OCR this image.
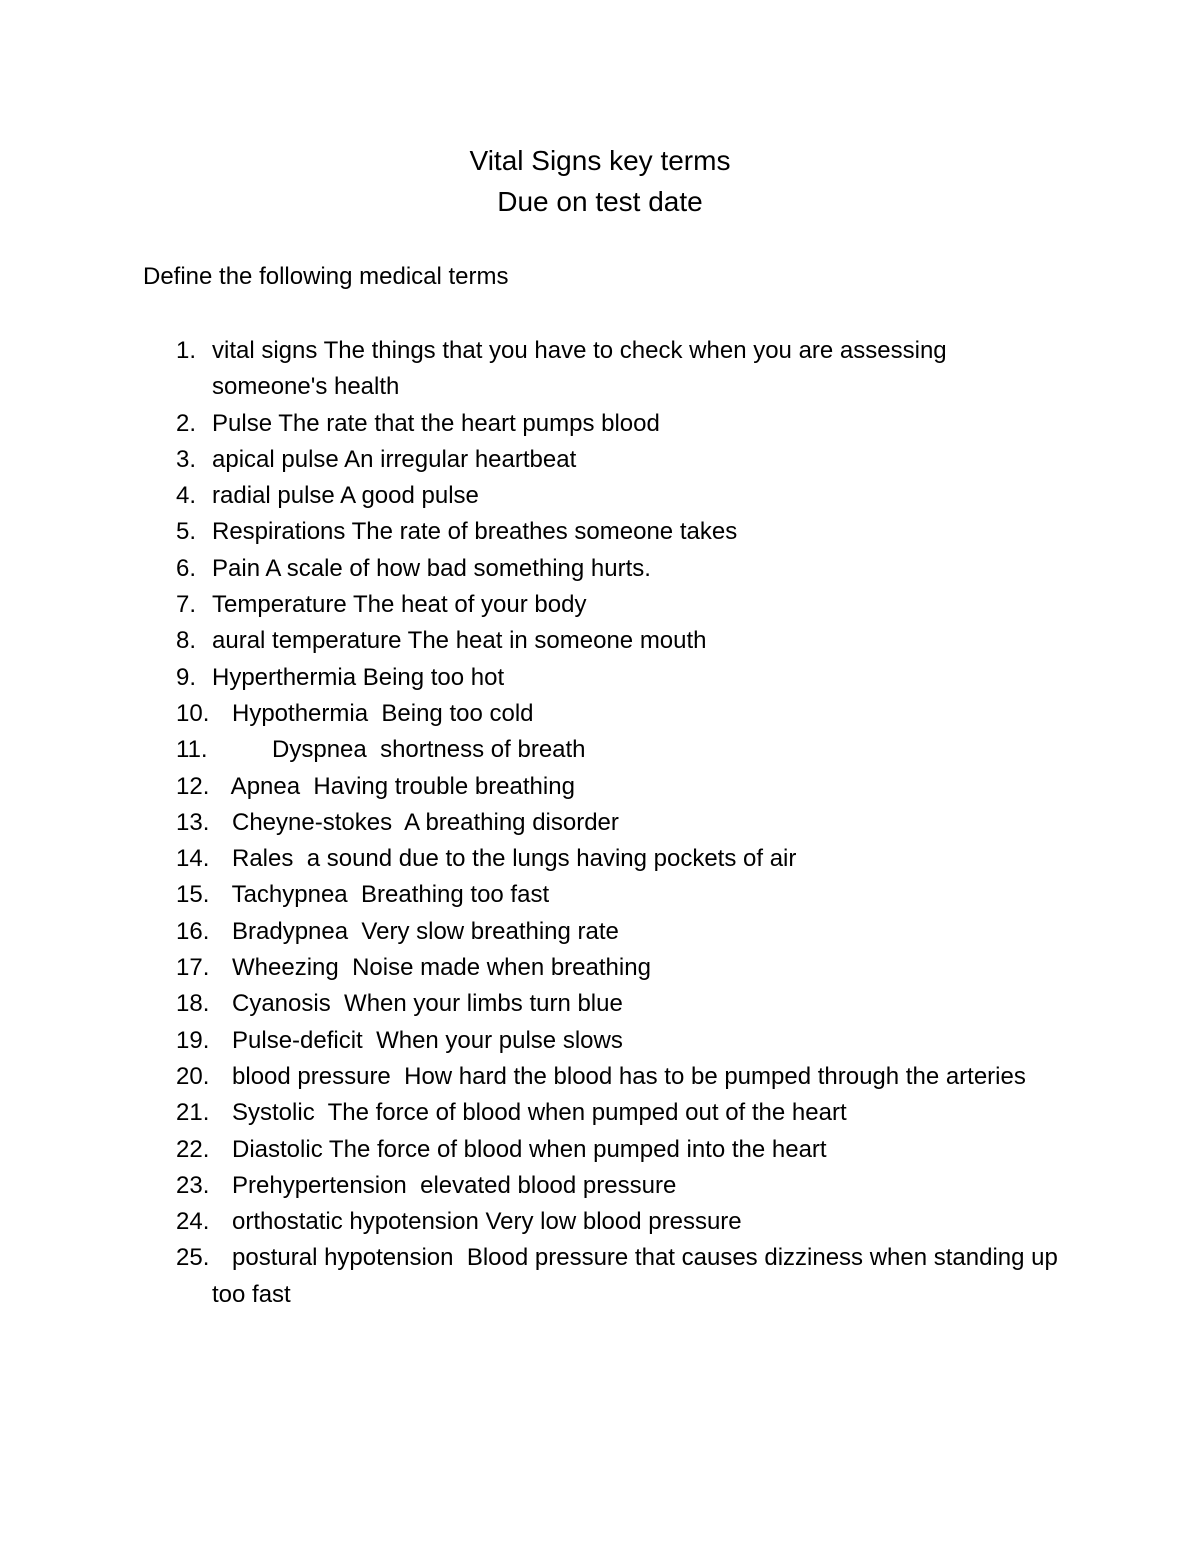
Vital Signs key terms
Due on test date
Define the following medical terms
1. vital signs The things that you have to check when you are assessing someone's health
2. Pulse The rate that the heart pumps blood
3. apical pulse An irregular heartbeat
4. radial pulse A good pulse
5. Respirations The rate of breathes someone takes
6. Pain A scale of how bad something hurts.
7. Temperature The heat of your body
8. aural temperature The heat in someone mouth
9. Hyperthermia Being too hot
10. Hypothermia  Being too cold
11. Dyspnea  shortness of breath
12. Apnea  Having trouble breathing
13. Cheyne-stokes  A breathing disorder
14. Rales  a sound due to the lungs having pockets of air
15. Tachypnea  Breathing too fast
16. Bradypnea  Very slow breathing rate
17. Wheezing  Noise made when breathing
18. Cyanosis  When your limbs turn blue
19. Pulse-deficit  When your pulse slows
20. blood pressure  How hard the blood has to be pumped through the arteries
21. Systolic  The force of blood when pumped out of the heart
22. Diastolic The force of blood when pumped into the heart
23. Prehypertension  elevated blood pressure
24. orthostatic hypotension Very low blood pressure
25. postural hypotension  Blood pressure that causes dizziness when standing up too fast
